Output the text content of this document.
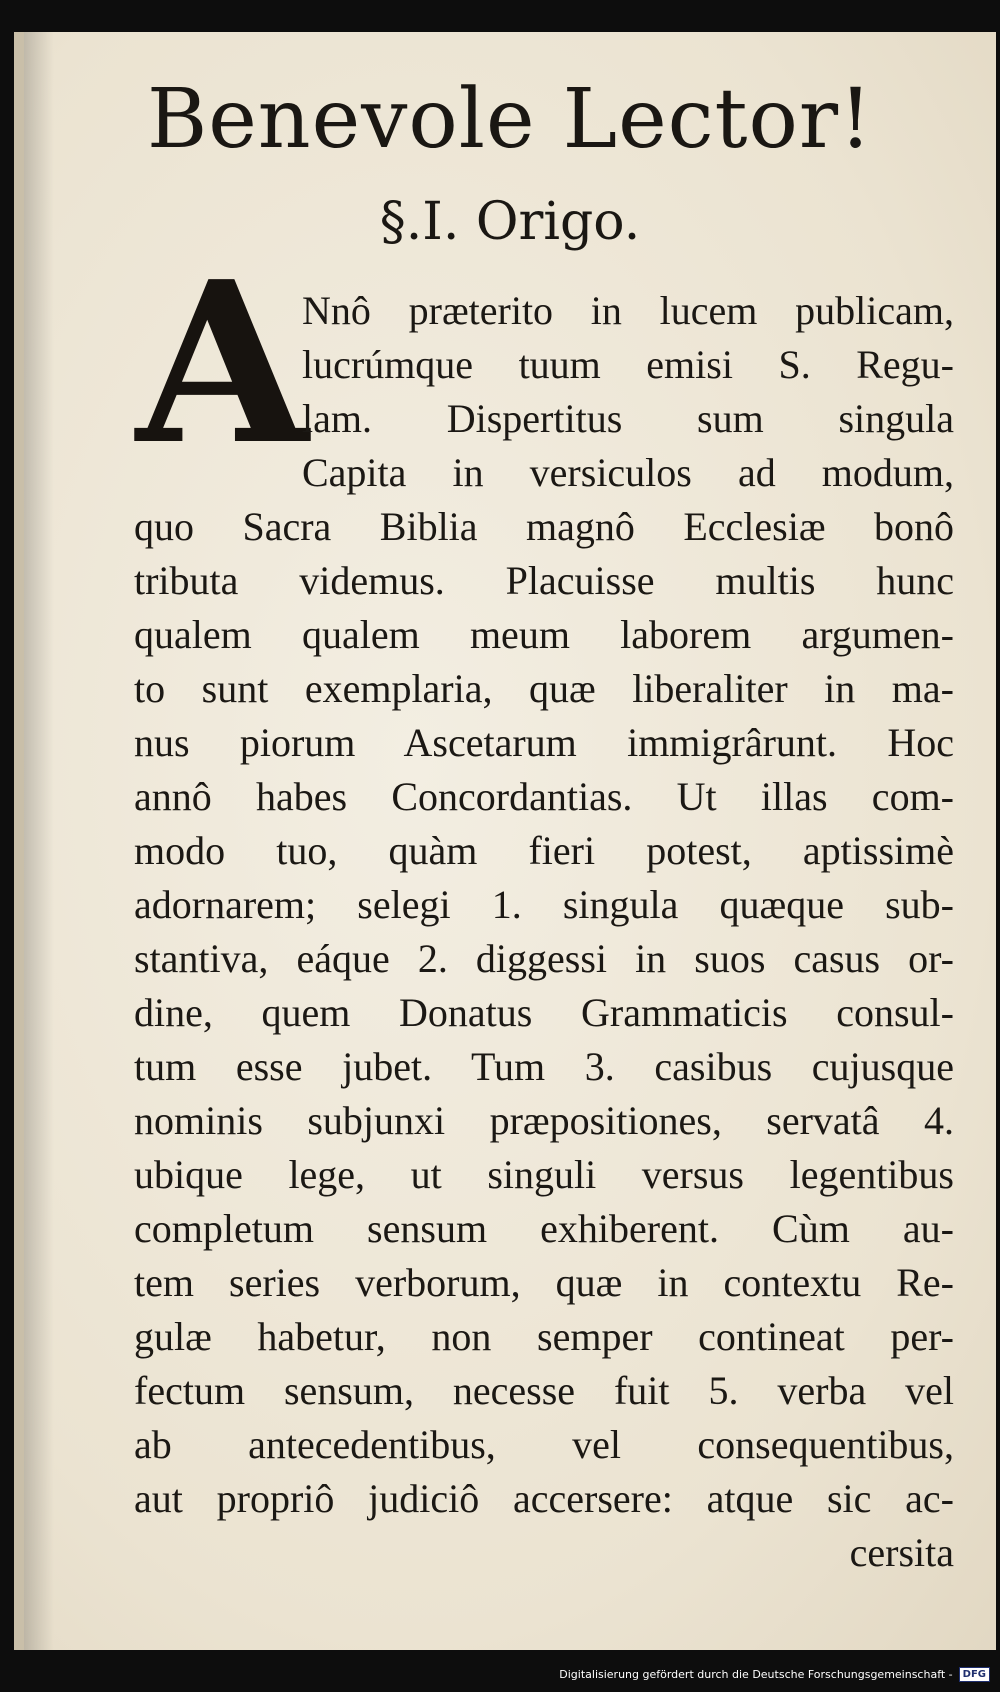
Benevole Lector!
§.I. Origo.
A
Nnô præterito in lucem publicam,
lucrúmque tuum emisi S. Regu-
lam. Dispertitus sum singula
Capita in versiculos ad modum,
quo Sacra Biblia magnô Ecclesiæ bonô
tributa videmus. Placuisse multis hunc
qualem qualem meum laborem argumen-
to sunt exemplaria, quæ liberaliter in ma-
nus piorum Ascetarum immigrârunt. Hoc
annô habes Concordantias. Ut illas com-
modo tuo, quàm fieri potest, aptissimè
adornarem; selegi 1. singula quæque sub-
stantiva, eáque 2. diggessi in suos casus or-
dine, quem Donatus Grammaticis consul-
tum esse jubet. Tum 3. casibus cujusque
nominis subjunxi præpositiones, servatâ 4.
ubique lege, ut singuli versus legentibus
completum sensum exhiberent. Cùm au-
tem series verborum, quæ in contextu Re-
gulæ habetur, non semper contineat per-
fectum sensum, necesse fuit 5. verba vel
ab antecedentibus, vel consequentibus,
aut propriô judiciô accersere: atque sic ac-
cersita
Digitalisierung gefördert durch die Deutsche Forschungsgemeinschaft -	DFG
